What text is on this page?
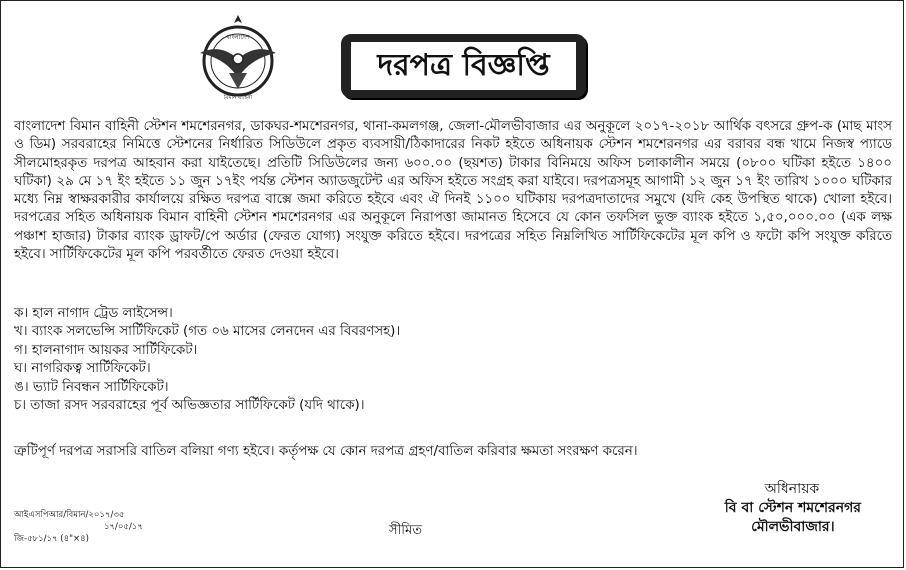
বাংলাদেশ
বিমান বাহিনী
দরপত্র বিজ্ঞপ্তি
বাংলাদেশ বিমান বাহিনী স্টেশন শমশেরনগর, ডাকঘর-শমশেরনগর, থানা-কমলগঞ্জ, জেলা-মৌলভীবাজার এর অনুকূলে ২০১৭-২০১৮ আর্থিক বৎসরে গ্রুপ-ক (মাছ মাংস ও ডিম) সরবরাহের নিমিত্তে স্টেশনের নির্ধারিত সিডিউলে প্রকৃত ব্যবসায়ী/ঠিকাদারের নিকট হইতে অধিনায়ক স্টেশন শমশেরনগর এর বরাবর বন্ধ খামে নিজস্ব প্যাডে সীলমোহরকৃত দরপত্র আহবান করা যাইতেছে। প্রতিটি সিডিউলের জন্য ৬০০.০০ (ছয়শত) টাকার বিনিময়ে অফিস চলাকালীন সময়ে (০৮০০ ঘটিকা হইতে ১৪০০ ঘটিকা) ২৯ মে ১৭ ইং হইতে ১১ জুন ১৭ইং পর্যন্ত স্টেশন অ্যাডজুটেন্ট এর অফিস হইতে সংগ্রহ করা যাইবে। দরপত্রসমূহ আগামী ১২ জুন ১৭ ইং তারিখ ১০০০ ঘটিকার মধ্যে নিম্ন স্বাক্ষরকারীর কার্যালয়ে রক্ষিত দরপত্র বাক্সে জমা করিতে হইবে এবং ঐ দিনই ১১০০ ঘটিকায় দরপত্রদাতাদের সমুখে (যদি কেহ উপস্থিত থাকে) খোলা হইবে। দরপত্রের সহিত অধিনায়ক বিমান বাহিনী স্টেশন শমশেরনগর এর অনুকূলে নিরাপত্তা জামানত হিসেবে যে কোন তফসিল ভুক্ত ব্যাংক হইতে ১,৫০,০০০.০০ (এক লক্ষ পঞ্চাশ হাজার) টাকার ব্যাংক ড্রাফট/পে অর্ডার (ফেরত যোগ্য) সংযুক্ত করিতে হইবে। দরপত্রের সহিত নিম্নলিখিত সার্টিফিকেটের মূল কপি ও ফটো কপি সংযুক্ত করিতে হইবে। সার্টিফিকেটের মূল কপি পরবর্তীতে ফেরত দেওয়া হইবে।
ক। হাল নাগাদ ট্রেড লাইসেন্স।
খ। ব্যাংক সলভেন্সি সার্টিফিকেট (গত ০৬ মাসের লেনদেন এর বিবরণসহ)।
গ। হালনাগাদ আয়কর সার্টিফিকেট।
ঘ। নাগরিকত্ব সার্টিফিকেট।
ঙ। ভ্যাট নিবন্ধন সার্টিফিকেট।
চ। তাজা রসদ সরবরাহের পূর্ব অভিজ্ঞতার সার্টিফিকেট (যদি থাকে)।
ত্রুটিপূর্ণ দরপত্র সরাসরি বাতিল বলিয়া গণ্য হইবে। কর্তৃপক্ষ যে কোন দরপত্র গ্রহণ/বাতিল করিবার ক্ষমতা সংরক্ষণ করেন।
অধিনায়ক
বি বা স্টেশন শমশেরনগর
মৌলভীবাজার।
আইএসপিআর/বিমান/২০১৭/৩৫
১৭/০৫/১৭
জি-৫৮১/১৭ (৪"×৪)
সীমিত
